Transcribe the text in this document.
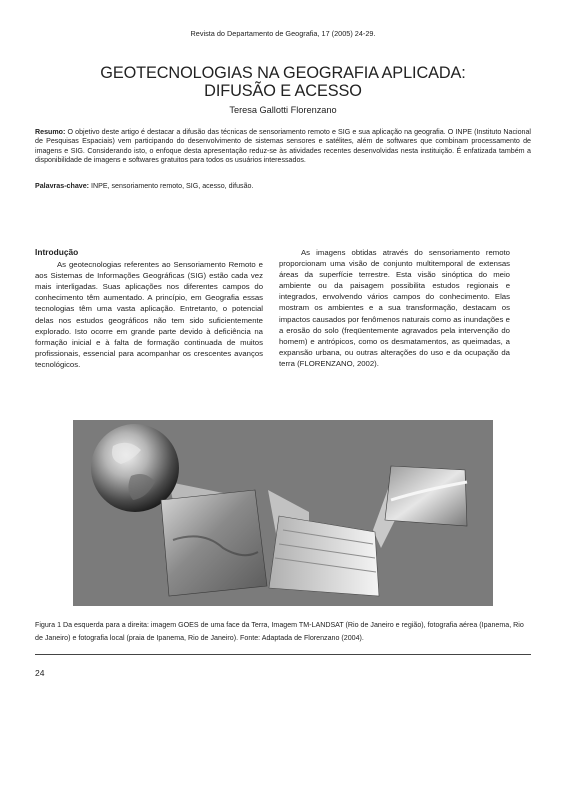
Revista do Departamento de Geografia, 17 (2005) 24-29.
GEOTECNOLOGIAS NA GEOGRAFIA APLICADA:
DIFUSÃO E ACESSO
Teresa Gallotti Florenzano
Resumo: O objetivo deste artigo é destacar a difusão das técnicas de sensoriamento remoto e SIG e sua aplicação na geografia. O INPE (Instituto Nacional de Pesquisas Espaciais) vem participando do desenvolvimento de sistemas sensores e satélites, além de softwares que combinam processamento de imagens e SIG. Considerando isto, o enfoque desta apresentação reduz-se às atividades recentes desenvolvidas nesta instituição. É enfatizada também a disponibilidade de imagens e softwares gratuitos para todos os usuários interessados.
Palavras-chave: INPE, sensoriamento remoto, SIG, acesso, difusão.
Introdução

As geotecnologias referentes ao Sensoriamento Remoto e aos Sistemas de Informações Geográficas (SIG) estão cada vez mais interligadas. Suas aplicações nos diferentes campos do conhecimento têm aumentado. A princípio, em Geografia essas tecnologias têm uma vasta aplicação. Entretanto, o potencial delas nos estudos geográficos não tem sido suficientemente explorado. Isto ocorre em grande parte devido à deficiência na formação inicial e à falta de formação continuada de muitos profissionais, essencial para acompanhar os crescentes avanços tecnológicos.

As imagens obtidas através do sensoriamento remoto proporcionam uma visão de conjunto multitemporal de extensas áreas da superfície terrestre. Esta visão sinóptica do meio ambiente ou da paisagem possibilita estudos regionais e integrados, envolvendo vários campos do conhecimento. Elas mostram os ambientes e a sua transformação, destacam os impactos causados por fenômenos naturais como as inundações e a erosão do solo (freqüentemente agravados pela intervenção do homem) e antrópicos, como os desmatamentos, as queimadas, a expansão urbana, ou outras alterações do uso e da ocupação da terra (FLORENZANO, 2002).

Figura 1 Da esquerda para a direita: imagem GOES de uma face da Terra, Imagem TM-LANDSAT (Rio de Janeiro e região), fotografia aérea (Ipanema, Rio de Janeiro) e fotografia local (praia de Ipanema, Rio de Janeiro). Fonte: Adaptada de Florenzano (2004).
24
